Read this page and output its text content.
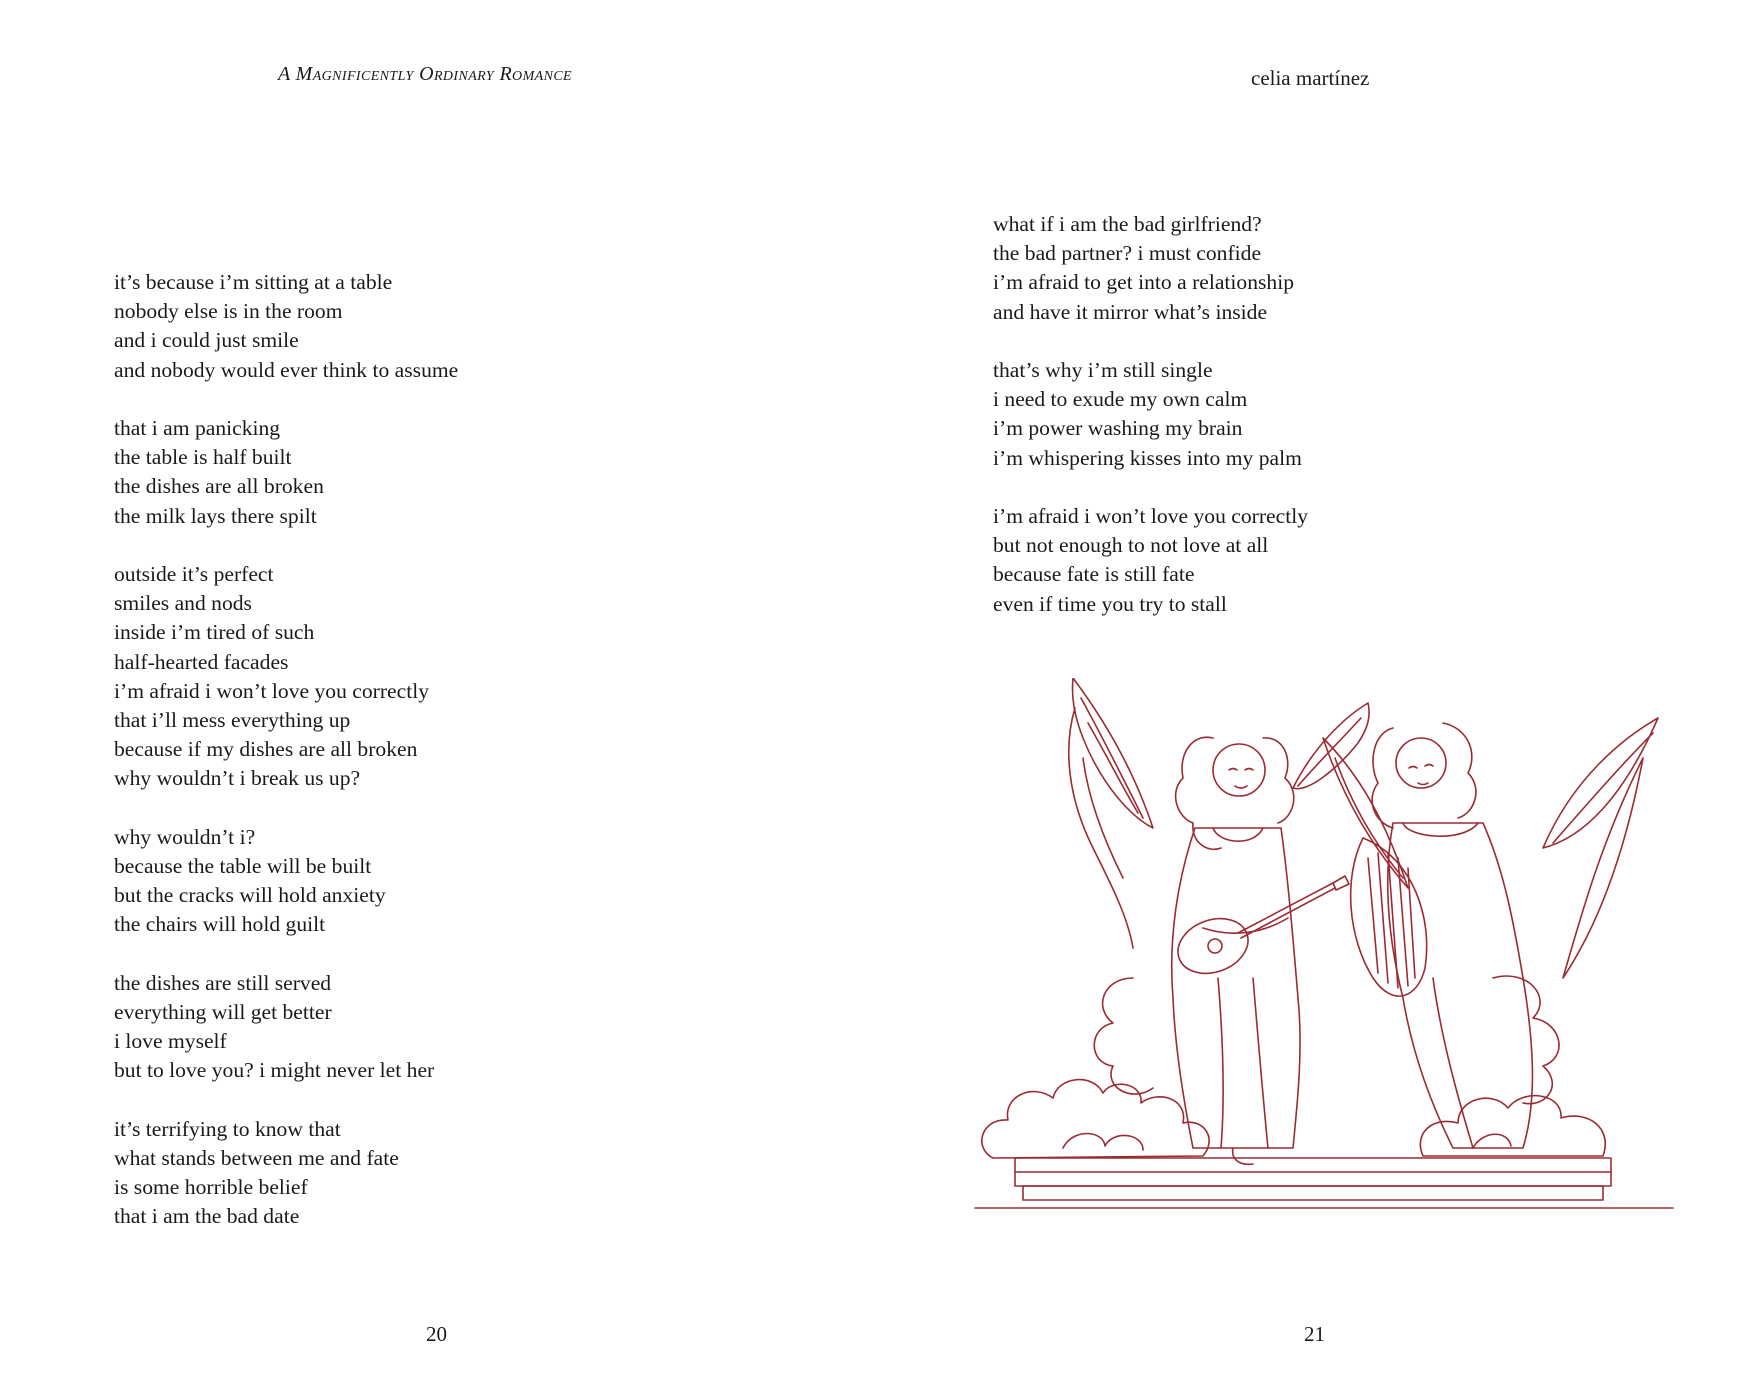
A Magnificently Ordinary Romance
it’s because i’m sitting at a table
nobody else is in the room
and i could just smile
and nobody would ever think to assume
that i am panicking
the table is half built
the dishes are all broken
the milk lays there spilt
outside it’s perfect
smiles and nods
inside i’m tired of such
half-hearted facades
i’m afraid i won’t love you correctly
that i’ll mess everything up
because if my dishes are all broken
why wouldn’t i break us up?
why wouldn’t i?
because the table will be built
but the cracks will hold anxiety
the chairs will hold guilt
the dishes are still served
everything will get better
i love myself
but to love you? i might never let her
it’s terrifying to know that
what stands between me and fate
is some horrible belief
that i am the bad date
20
celia martínez
what if i am the bad girlfriend?
the bad partner? i must confide
i’m afraid to get into a relationship
and have it mirror what’s inside
that’s why i’m still single
i need to exude my own calm
i’m power washing my brain
i’m whispering kisses into my palm
i’m afraid i won’t love you correctly
but not enough to not love at all
because fate is still fate
even if time you try to stall
21
